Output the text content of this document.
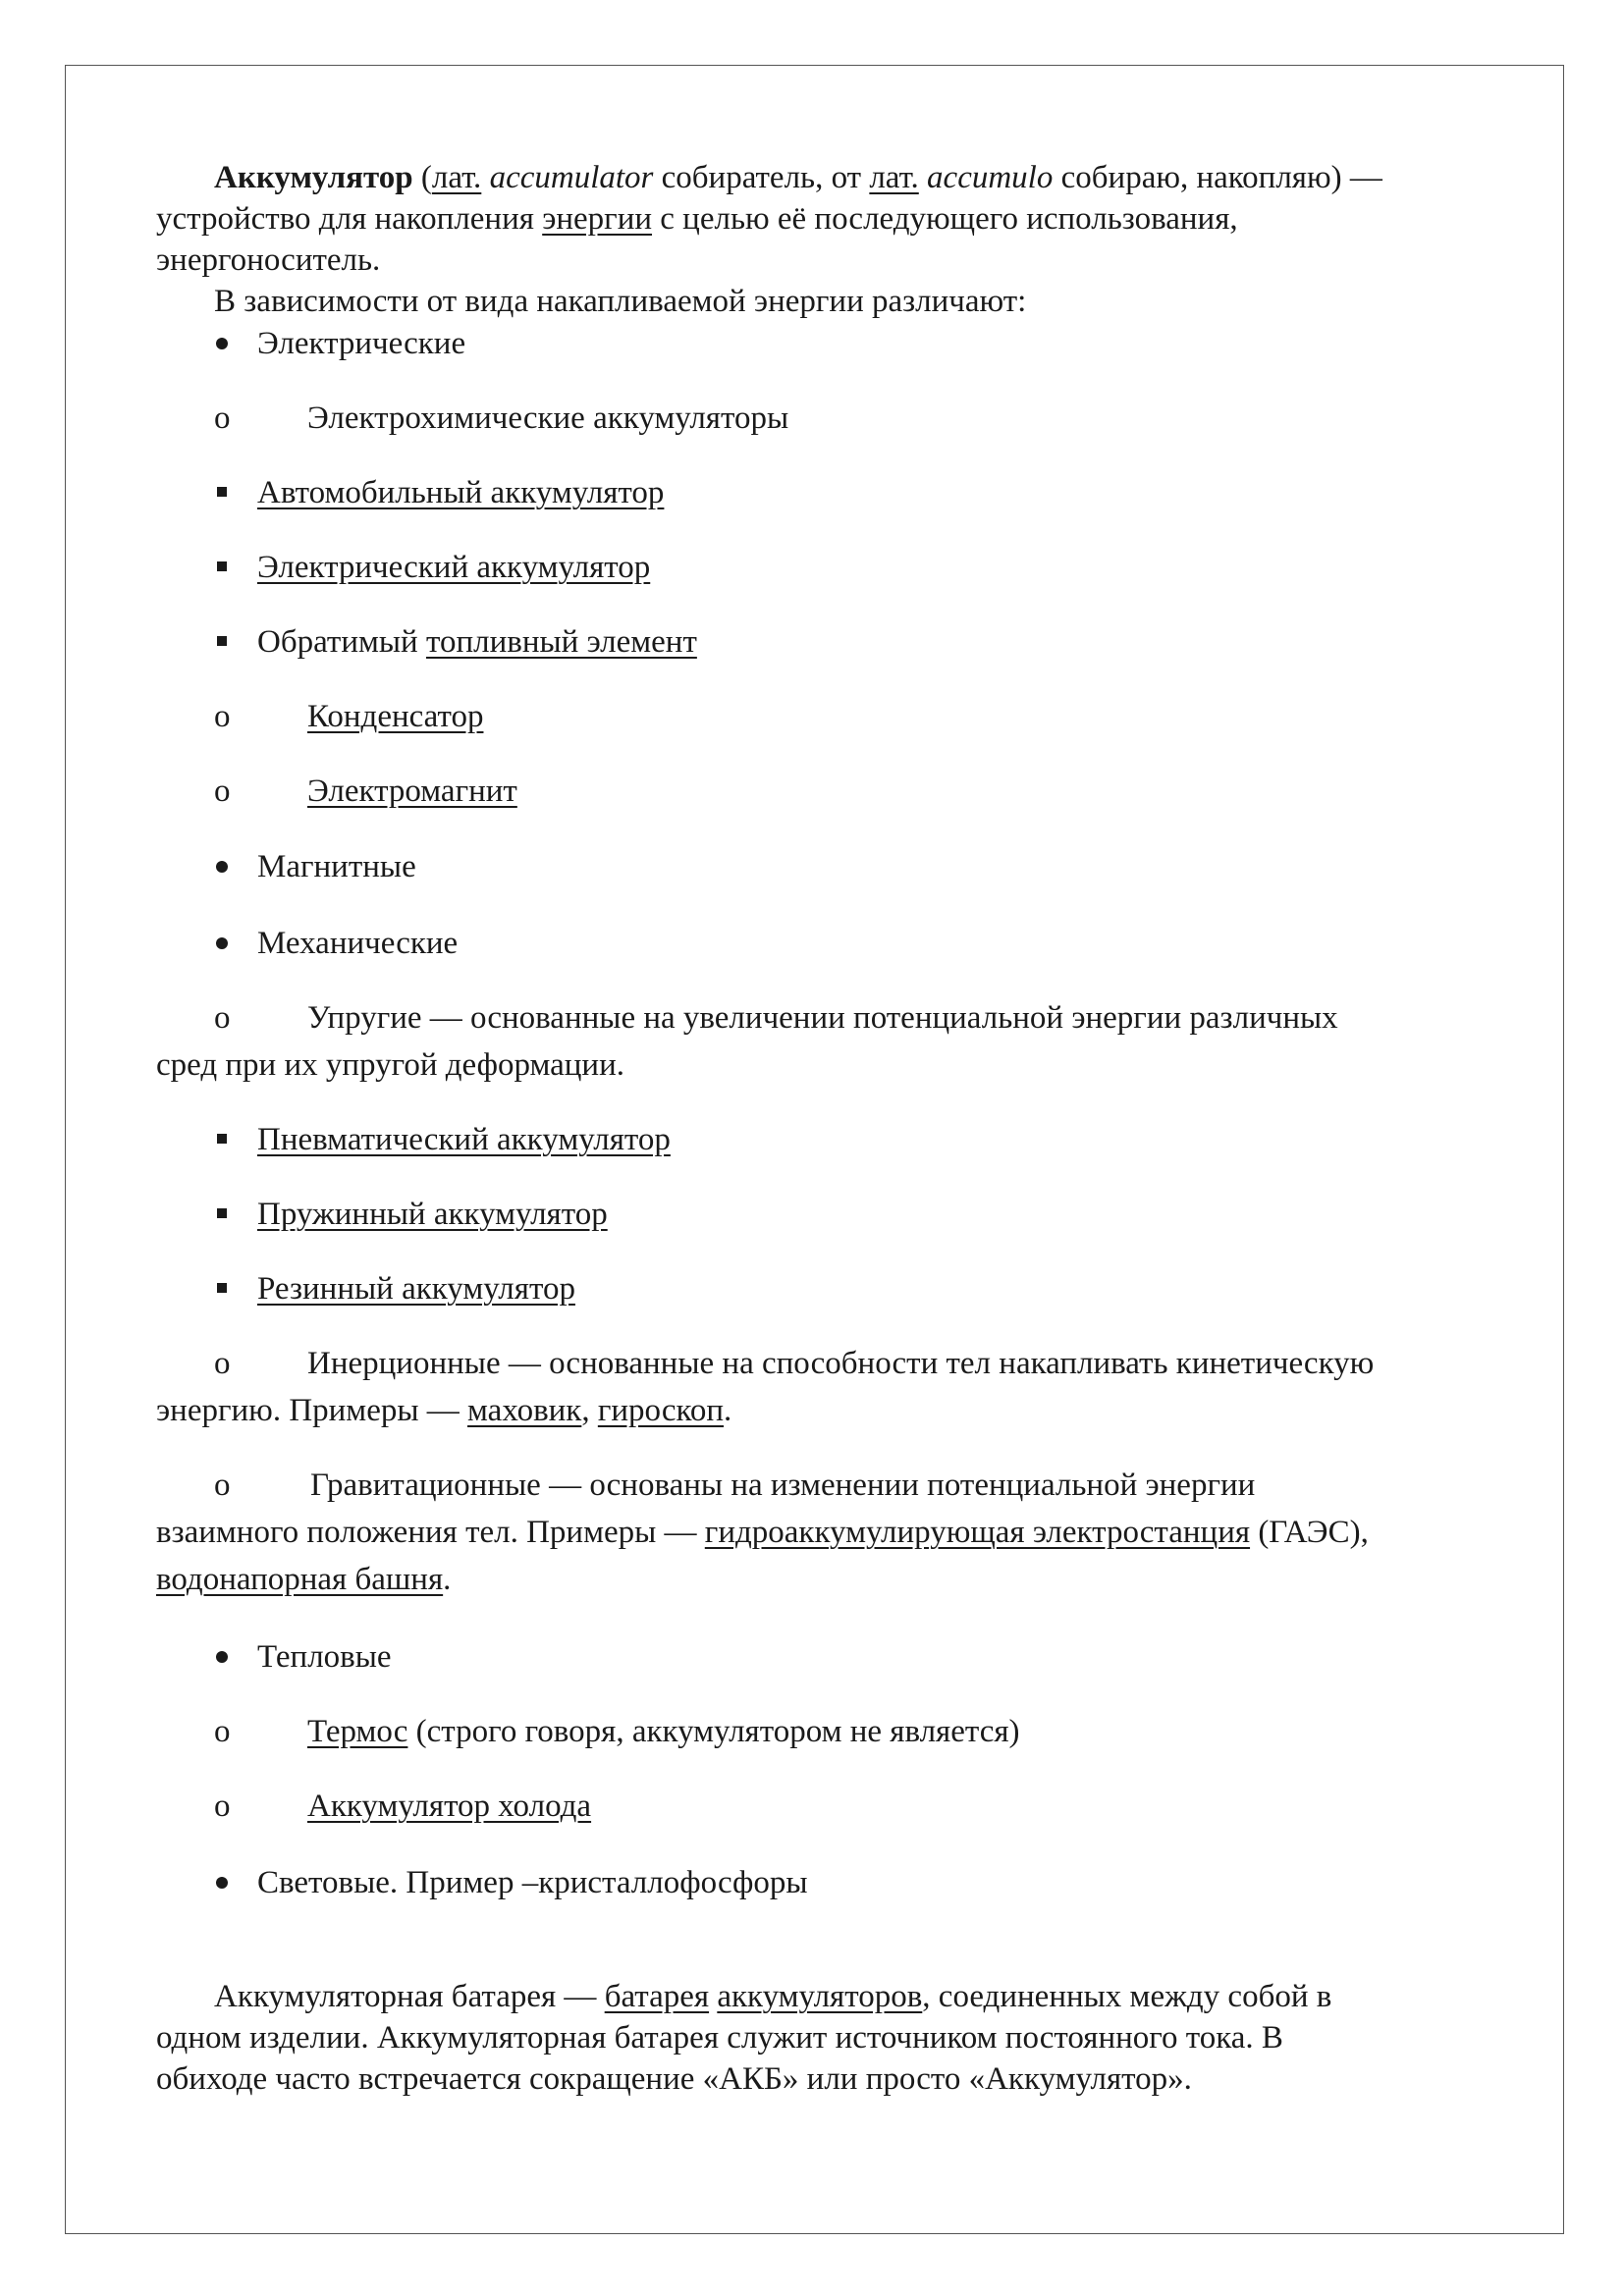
Аккумулятор (лат. accumulator собиратель, от лат. accumulo собираю, накопляю) —
устройство для накопления энергии с целью её последующего использования,
энергоноситель.
В зависимости от вида накапливаемой энергии различают:
Электрические
o Электрохимические аккумуляторы
Автомобильный аккумулятор
Электрический аккумулятор
Обратимый топливный элемент
o Конденсатор
o Электромагнит
Магнитные
Механические
o Упругие — основанные на увеличении потенциальной энергии различных
сред при их упругой деформации.
Пневматический аккумулятор
Пружинный аккумулятор
Резинный аккумулятор
o Инерционные — основанные на способности тел накапливать кинетическую
энергию. Примеры — маховик, гироскоп.
o Гравитационные — основаны на изменении потенциальной энергии
взаимного положения тел. Примеры — гидроаккумулирующая электростанция (ГАЭС),
водонапорная башня.
Тепловые
o Термос (строго говоря, аккумулятором не является)
o Аккумулятор холода
Световые. Пример –кристаллофосфоры
Аккумуляторная батарея — батарея аккумуляторов, соединенных между собой в
одном изделии. Аккумуляторная батарея служит источником постоянного тока. В
обиходе часто встречается сокращение «АКБ» или просто «Аккумулятор».
